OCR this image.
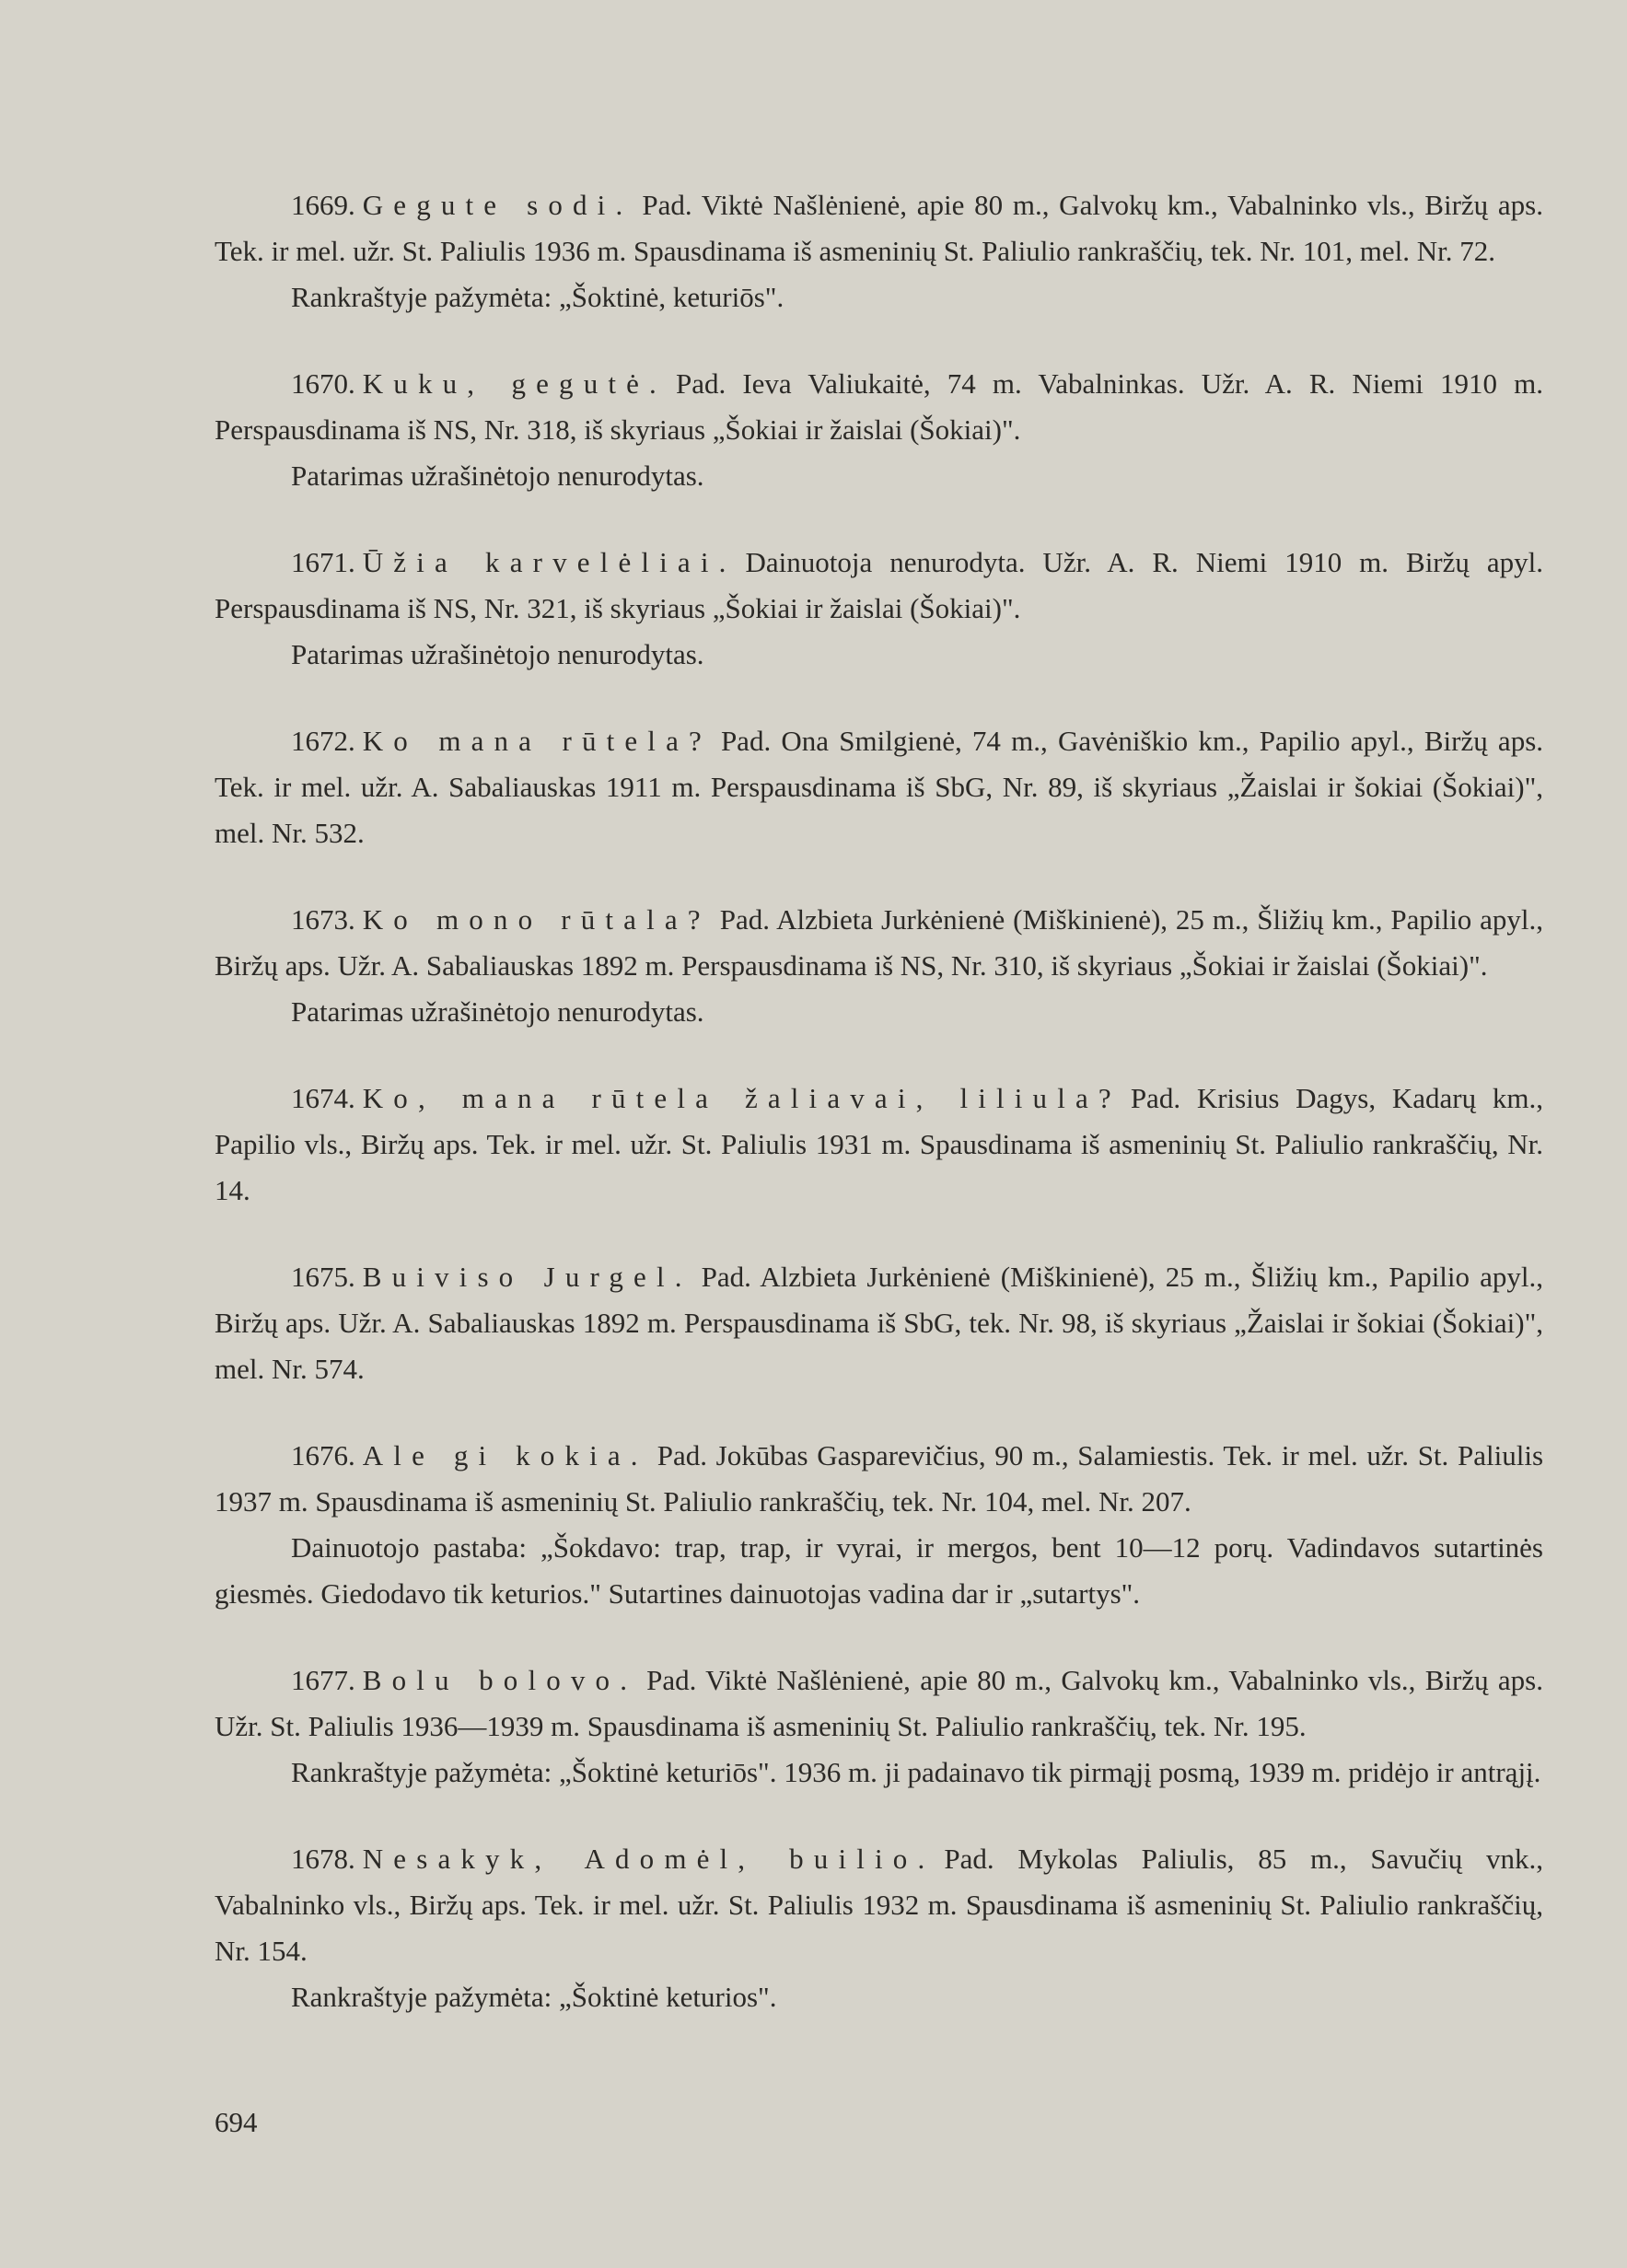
1669. Gegute sodi. Pad. Viktė Našlėnienė, apie 80 m., Galvokų km., Vabalninko vls., Biržų aps. Tek. ir mel. užr. St. Paliulis 1936 m. Spausdinama iš asmeninių St. Paliulio rankraščių, tek. Nr. 101, mel. Nr. 72.

Rankraštyje pažymėta: „Šoktinė, keturiōs".

1670. Kuku, gegutė. Pad. Ieva Valiukaitė, 74 m. Vabalninkas. Užr. A. R. Niemi 1910 m. Perspausdinama iš NS, Nr. 318, iš skyriaus „Šokiai ir žaislai (Šokiai)".

Patarimas užrašinėtojo nenurodytas.

1671. Ūžia karvelėliai. Dainuotoja nenurodyta. Užr. A. R. Niemi 1910 m. Biržų apyl. Perspausdinama iš NS, Nr. 321, iš skyriaus „Šokiai ir žaislai (Šokiai)".

Patarimas užrašinėtojo nenurodytas.

1672. Ko mana rūtela? Pad. Ona Smilgienė, 74 m., Gavėniškio km., Papilio apyl., Biržų aps. Tek. ir mel. užr. A. Sabaliauskas 1911 m. Perspausdinama iš SbG, Nr. 89, iš skyriaus „Žaislai ir šokiai (Šokiai)", mel. Nr. 532.

1673. Ko mono rūtala? Pad. Alzbieta Jurkėnienė (Miškinienė), 25 m., Šližių km., Papilio apyl., Biržų aps. Užr. A. Sabaliauskas 1892 m. Perspausdinama iš NS, Nr. 310, iš skyriaus „Šokiai ir žaislai (Šokiai)".

Patarimas užrašinėtojo nenurodytas.

1674. Ko, mana rūtela žaliavai, liliula? Pad. Krisius Dagys, Kadarų km., Papilio vls., Biržų aps. Tek. ir mel. užr. St. Paliulis 1931 m. Spausdinama iš asmeninių St. Paliulio rankraščių, Nr. 14.

1675. Buiviso Jurgel. Pad. Alzbieta Jurkėnienė (Miškinienė), 25 m., Šližių km., Papilio apyl., Biržų aps. Užr. A. Sabaliauskas 1892 m. Perspausdinama iš SbG, tek. Nr. 98, iš skyriaus „Žaislai ir šokiai (Šokiai)", mel. Nr. 574.

1676. Ale gi kokia. Pad. Jokūbas Gasparevičius, 90 m., Salamiestis. Tek. ir mel. užr. St. Paliulis 1937 m. Spausdinama iš asmeninių St. Paliulio rankraščių, tek. Nr. 104, mel. Nr. 207.

Dainuotojo pastaba: „Šokdavo: trap, trap, ir vyrai, ir mergos, bent 10—12 porų. Vadindavos sutartinės giesmės. Giedodavo tik keturios." Sutartines dainuotojas vadina dar ir „sutartys".

1677. Bolu bolovo. Pad. Viktė Našlėnienė, apie 80 m., Galvokų km., Vabalninko vls., Biržų aps. Užr. St. Paliulis 1936—1939 m. Spausdinama iš asmeninių St. Paliulio rankraščių, tek. Nr. 195.

Rankraštyje pažymėta: „Šoktinė keturiōs". 1936 m. ji padainavo tik pirmąjį posmą, 1939 m. pridėjo ir antrąjį.

1678. Nesakyk, Adomėl, builio. Pad. Mykolas Paliulis, 85 m., Savučių vnk., Vabalninko vls., Biržų aps. Tek. ir mel. užr. St. Paliulis 1932 m. Spausdinama iš asmeninių St. Paliulio rankraščių, Nr. 154.

Rankraštyje pažymėta: „Šoktinė keturios".

694
